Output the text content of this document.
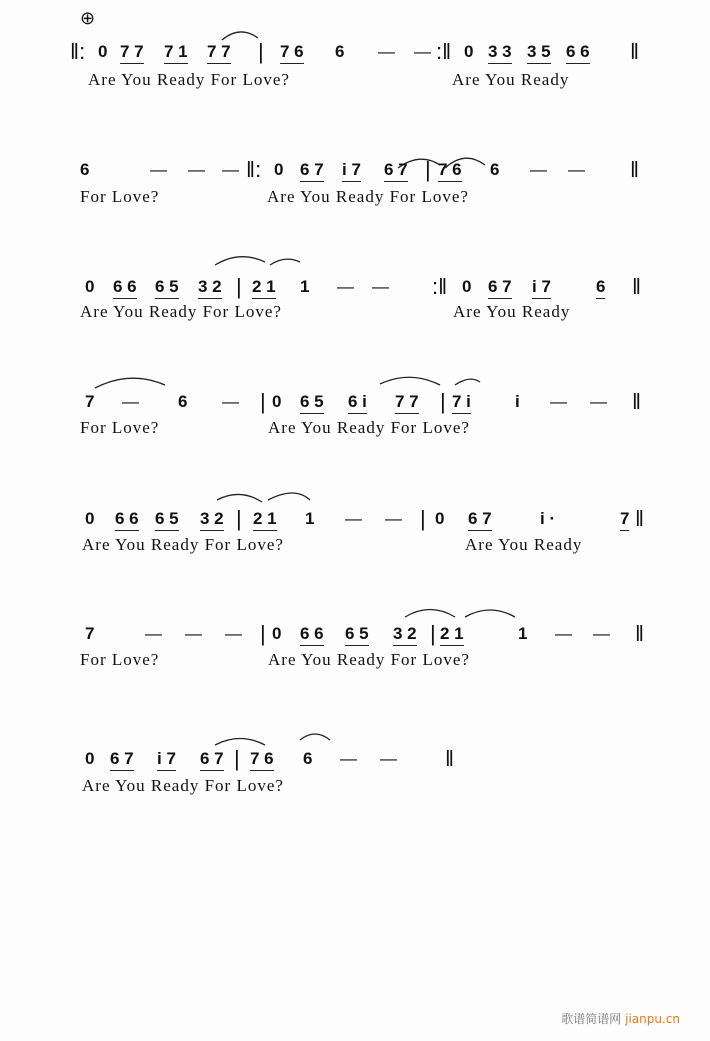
⊕
‖: 0 7 7 7 1 7 7 | 7 6 6 — — :‖ 0 3 3 3 5 6 6 ‖
Are You Ready For Love?	Are You Ready
6	— — — ‖: 0 6 7 i 7 6 7 | 7 6 6 — — ‖
For Love?	Are You Ready For Love?
0 6 6 6 5 3 2 | 2 1 1 — — :‖ 0 6 7 i 7	6 ‖
Are You Ready For Love?	Are You Ready
7 — 6 — | 0 6 5 6 i 7 7 | 7 i	i — — ‖
For Love?	Are You Ready For Love?
0 6 6 6 5 3 2 | 2 1 1 — — | 0 6 7	i ·	7 ‖
Are You Ready For Love?	Are You Ready
7	— — — | 0 6 6 6 5 3 2 | 2 1	1 — — ‖
For Love?	Are You Ready For Love?
0 6 7 i 7 6 7 | 7 6 6 — — ‖
Are You Ready For Love?
歌谱简谱网 jianpu.cn
